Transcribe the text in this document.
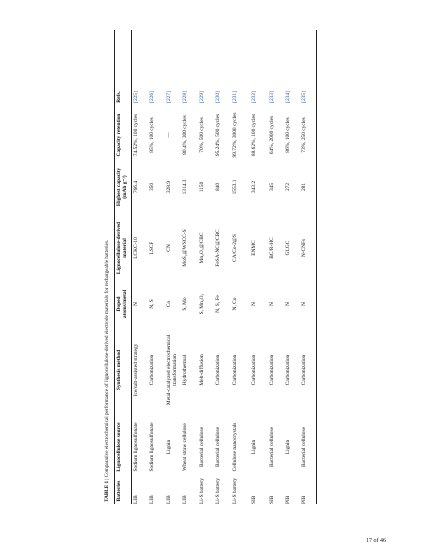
TABLE 1 | Comparative electrochemical performance of lignocellulose-derived electrode materials for rechargeable batteries.
Batteries
Lignocellulose source
Synthesis method
Doped atoms/metal
Lignocellulose-derived material
Highest capacity (mAh g⁻¹)
Capacity retention
Refs.
LIB
Sodium lignosulfonate
Ice/salt-assisted strategy
N
LCKC-10
766.4
74.52%, 100 cycles
[225]
LIB
Sodium lignosulfonate
Carbonization
N, S
LSCF
350
85%, 100 cycles
[226]
LIB
Lignin
Metal-catalyzed electrochemical transformation
Co
CN
328.9
—
[227]
LIB
Wheat straw cellulose
Hydrothermal
S, Mo
MoS₂@WSCC-S
1314.3
80.4%, 300 cycles
[228]
Li-S battery
Bacterial cellulose
Melt-diffusion
S, Mn₂O₃
Mn₂O₃@CBC
1150
70%, 500 cycles
[229]
Li-S battery
Bacterial cellulose
Carbonization
N, S, Fe
FeSA-NC@CBC
840
95.24%, 500 cycles
[230]
Li-S battery
Cellulose nanocrystals
Carbonization
N, Co
CA/Co-2@S
1553.1
99.72%, 3000 cycles
[231]
SIB
Lignin
Carbonization
N
ENMC
343.2
88.62%, 100 cycles
[232]
SIB
Bacterial cellulose
Carbonization
N
BC/R-HC
345
64%, 2000 cycles
[233]
PIB
Lignin
Carbonization
N
GLGC
272
86%, 100 cycles
[234]
PIB
Bacterial cellulose
Carbonization
N
N-CNFs
281
73%, 250 cycles
[235]
17 of 46
